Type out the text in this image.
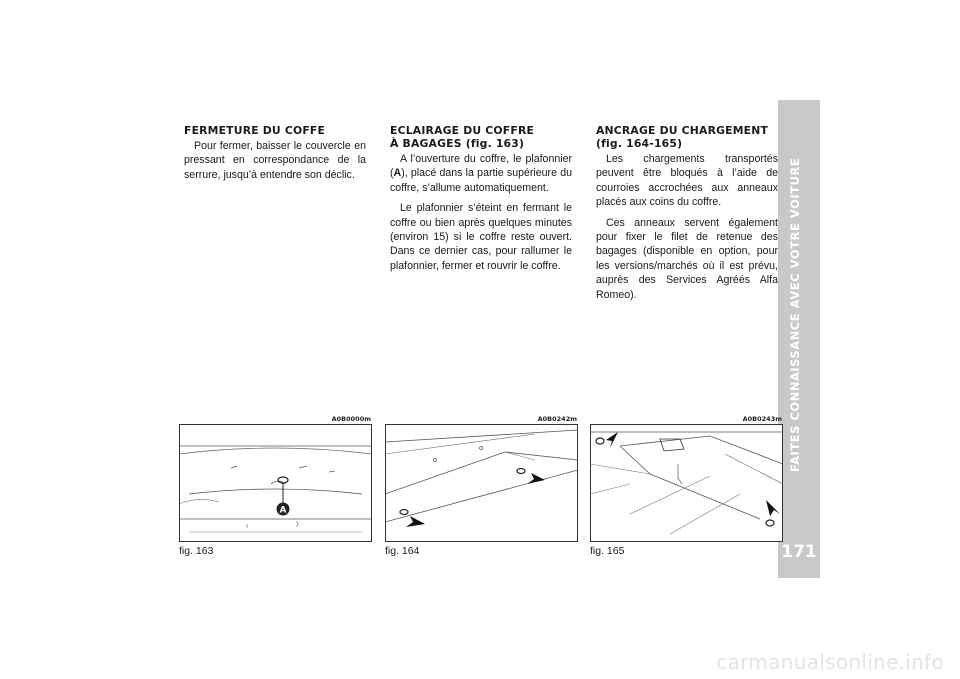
FERMETURE DU COFFE

Pour fermer, baisser le couvercle en pressant en correspondance de la serrure, jusqu’à entendre son déclic.

ECLAIRAGE DU COFFRE
À BAGAGES (fig. 163)

A l’ouverture du coffre, le plafonnier (A), placé dans la partie supérieure du coffre, s’allume automatiquement.

Le plafonnier s’éteint en fermant le coffre ou bien après quelques minutes (environ 15) si le coffre reste ouvert. Dans ce dernier cas, pour rallumer le plafonnier, fermer et rouvrir le coffre.

ANCRAGE DU CHARGEMENT
(fig. 164-165)

Les chargements transportés peuvent être bloqués à l’aide de courroies accrochées aux anneaux placés aux coins du coffre.

Ces anneaux servent également pour fixer le filet de retenue des bagages (disponible en option, pour les versions/marchés où il est prévu, auprès des Services Agréés Alfa Romeo).	FAITES CONNAISSANCE AVEC VOTRE VOITURE
171
A0B0000m
A
fig. 163
A0B0242m
fig. 164
A0B0243m
fig. 165
carmanualsonline.info
